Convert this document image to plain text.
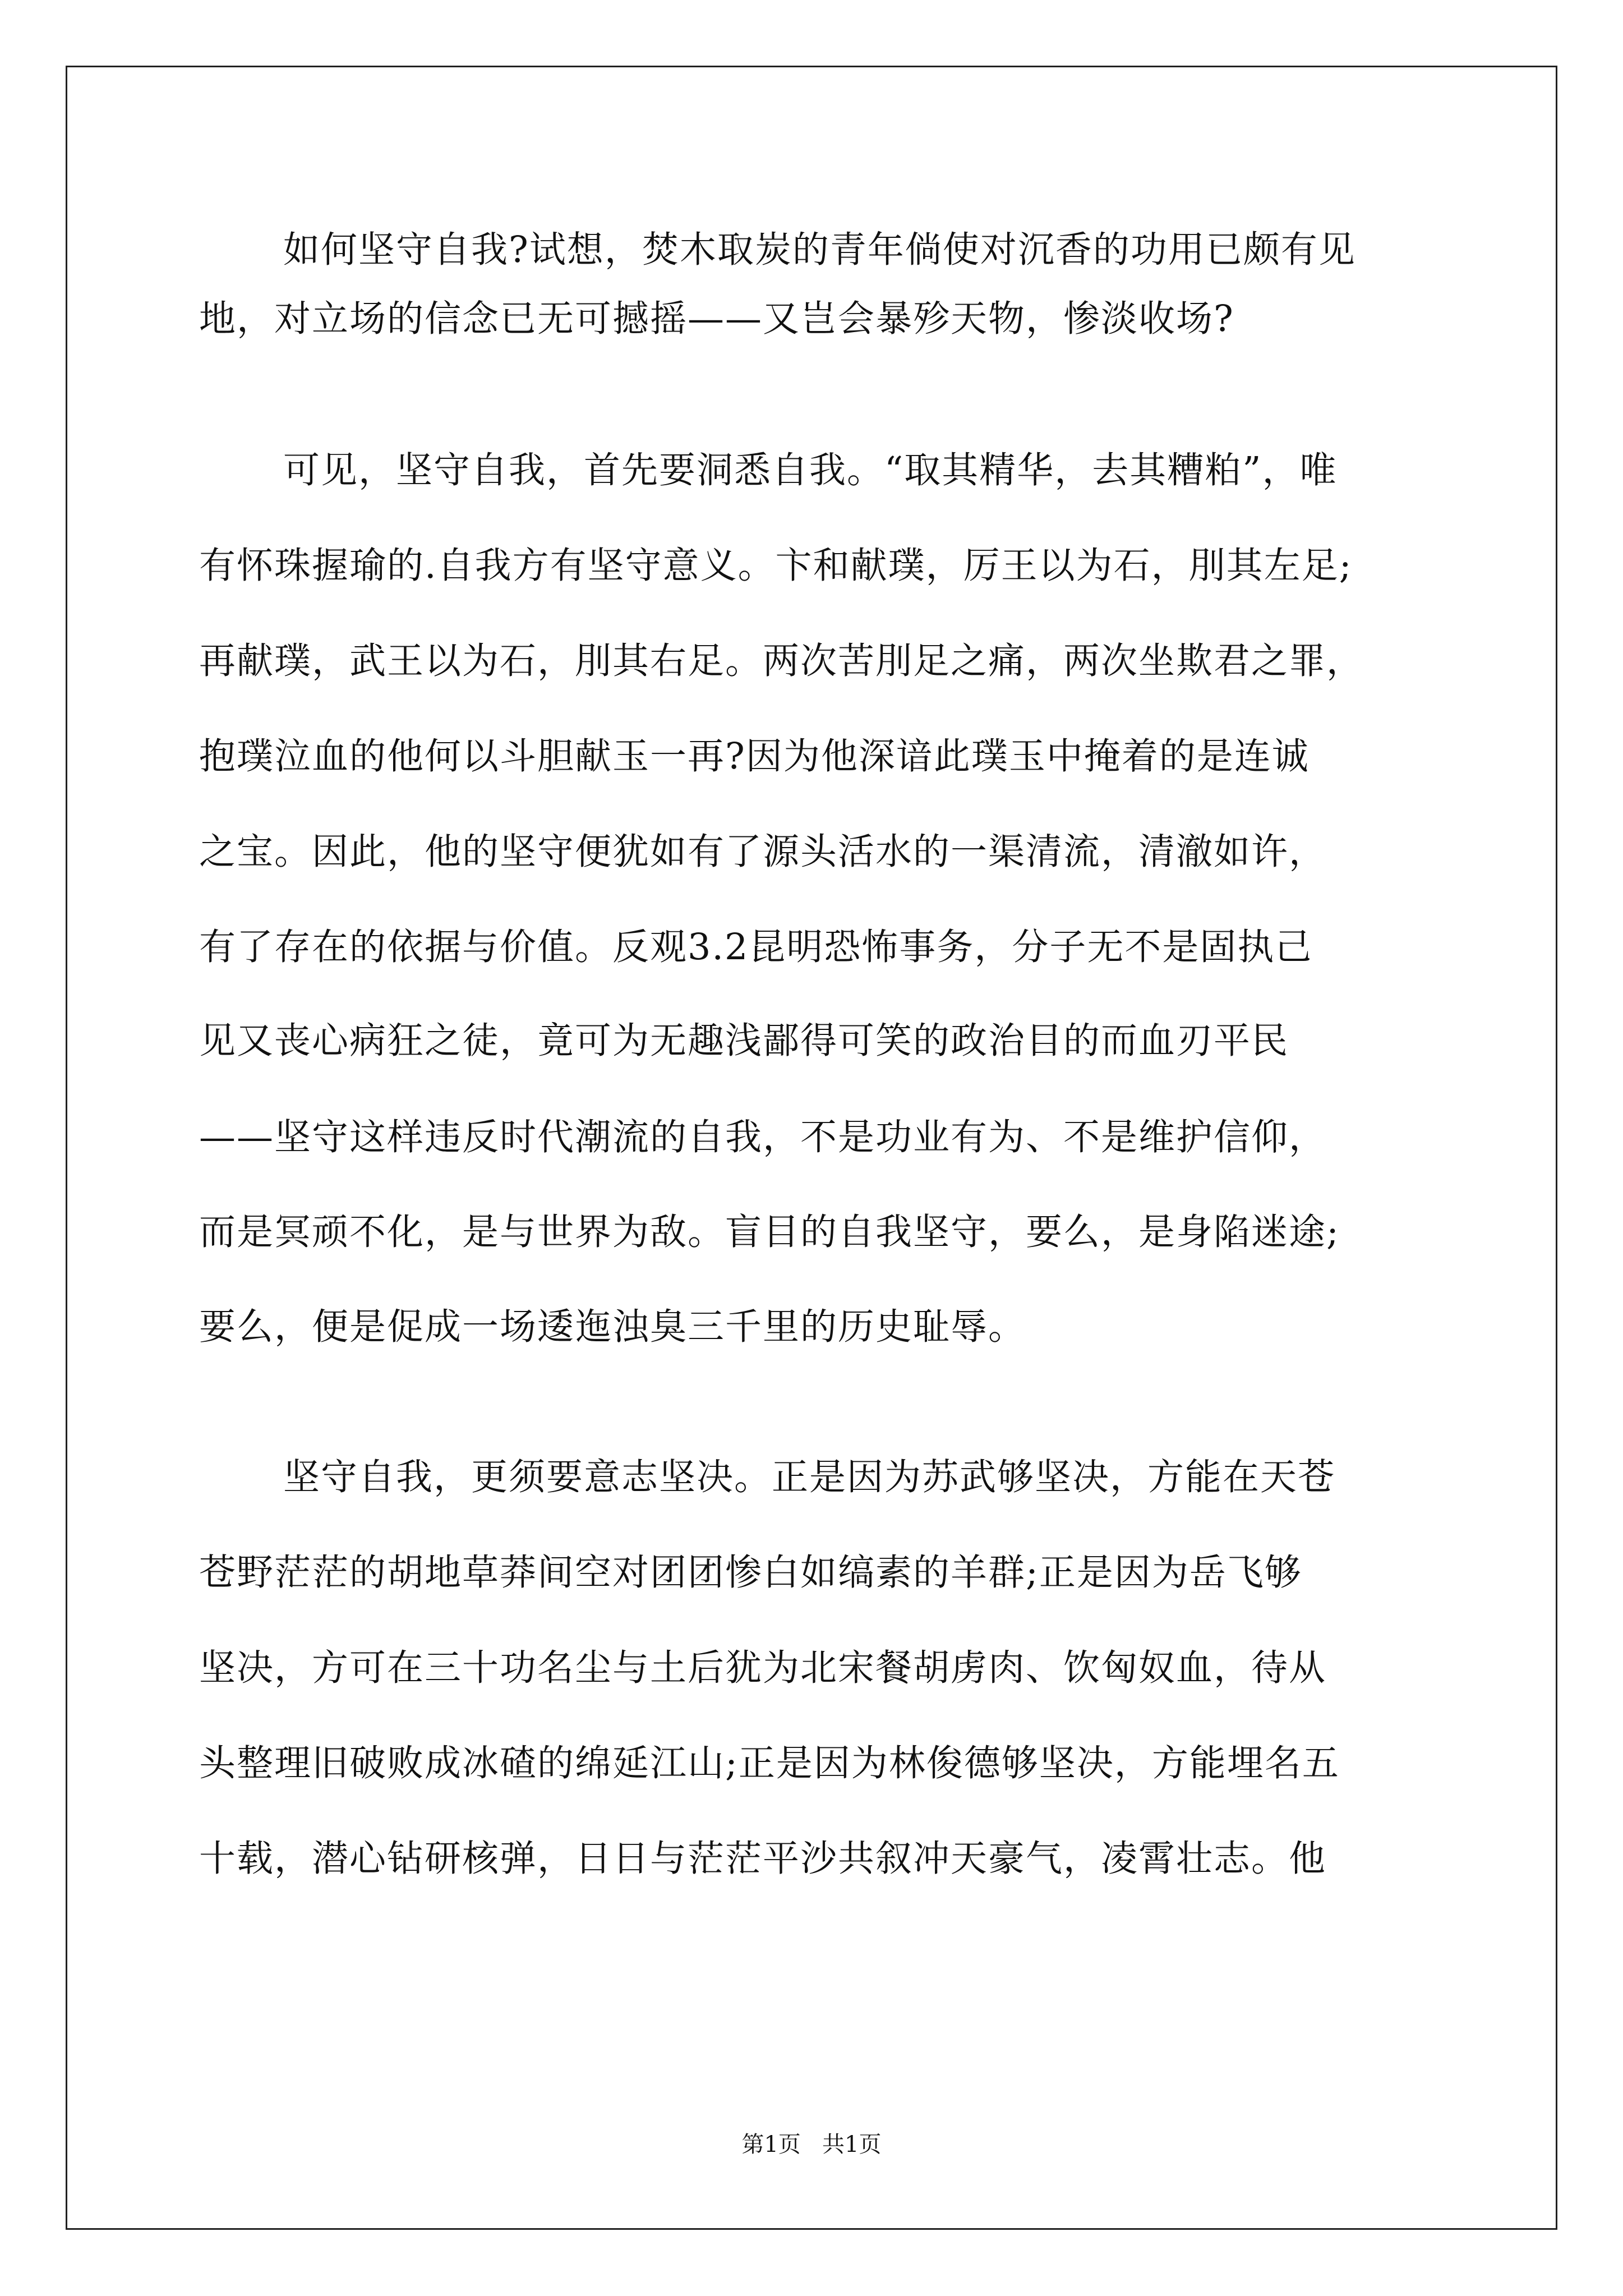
如何坚守自我?试想，焚木取炭的青年倘使对沉香的功用已颇有见
地，对立场的信念已无可撼摇——又岂会暴殄天物，惨淡收场?
可见，坚守自我，首先要洞悉自我。“取其精华，去其糟粕”，唯
有怀珠握瑜的.自我方有坚守意义。卞和献璞，厉王以为石，刖其左足;
再献璞，武王以为石，刖其右足。两次苦刖足之痛，两次坐欺君之罪，
抱璞泣血的他何以斗胆献玉一再?因为他深谙此璞玉中掩着的是连诚
之宝。因此，他的坚守便犹如有了源头活水的一渠清流，清澈如许，
有了存在的依据与价值。反观3.2昆明恐怖事务，分子无不是固执己
见又丧心病狂之徒，竟可为无趣浅鄙得可笑的政治目的而血刃平民
——坚守这样违反时代潮流的自我，不是功业有为、不是维护信仰，
而是冥顽不化，是与世界为敌。盲目的自我坚守，要么，是身陷迷途;
要么，便是促成一场逶迤浊臭三千里的历史耻辱。
坚守自我，更须要意志坚决。正是因为苏武够坚决，方能在天苍
苍野茫茫的胡地草莽间空对团团惨白如缟素的羊群;正是因为岳飞够
坚决，方可在三十功名尘与土后犹为北宋餐胡虏肉、饮匈奴血，待从
头整理旧破败成冰碴的绵延江山;正是因为林俊德够坚决，方能埋名五
十载，潜心钻研核弹，日日与茫茫平沙共叙冲天豪气，凌霄壮志。他
第1页   共1页
